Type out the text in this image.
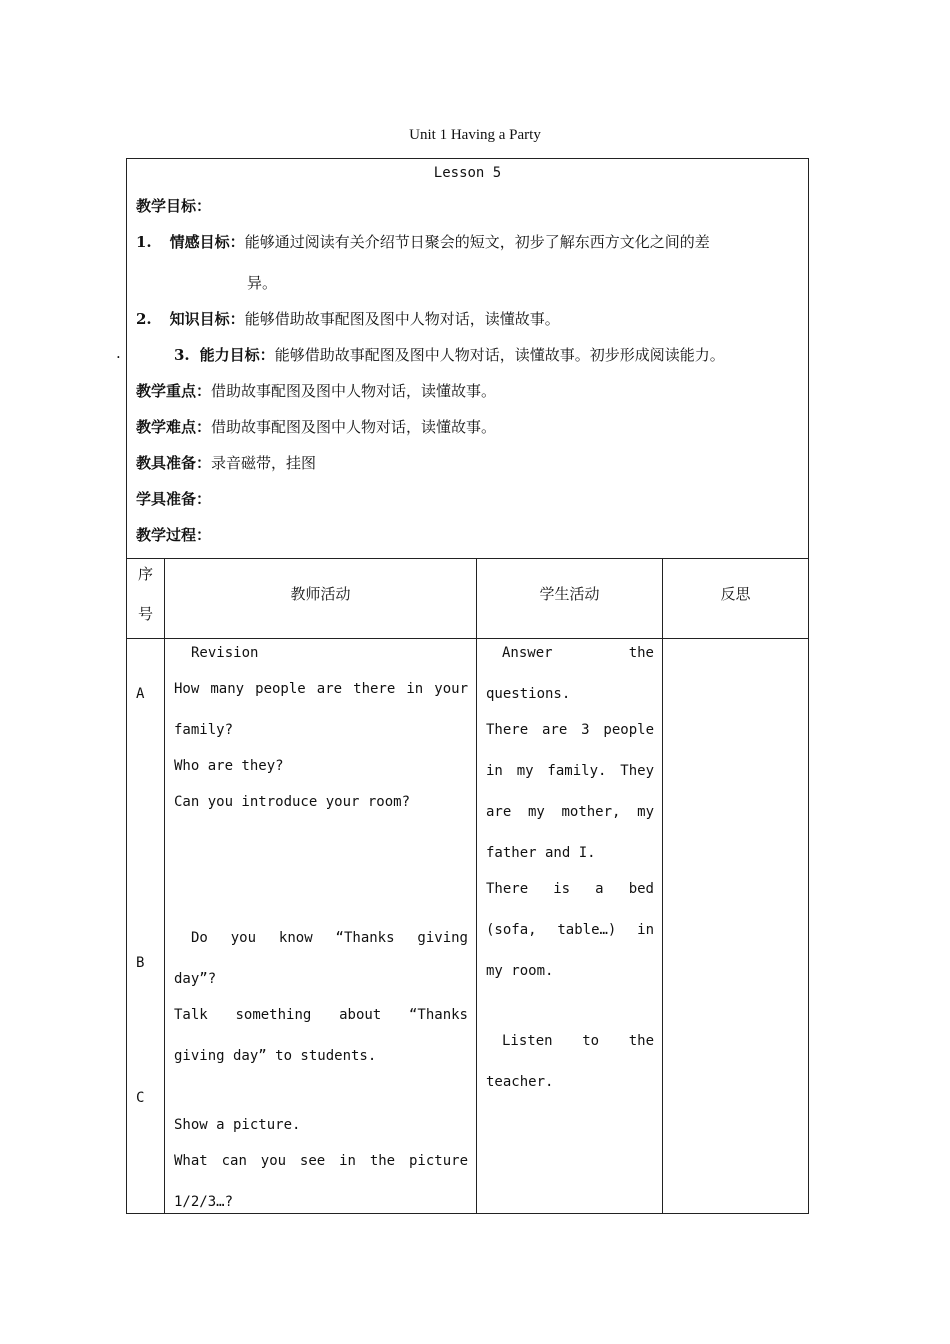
Unit 1 Having a Party
.
Lesson 5
教学目标：
1. 情感目标：能够通过阅读有关介绍节日聚会的短文，初步了解东西方文化之间的差
异。
2. 知识目标：能够借助故事配图及图中人物对话，读懂故事。
3. 能力目标：能够借助故事配图及图中人物对话，读懂故事。初步形成阅读能力。
教学重点：借助故事配图及图中人物对话，读懂故事。
教学难点：借助故事配图及图中人物对话，读懂故事。
教具准备：录音磁带，挂图
学具准备：
教学过程：
序
号
教师活动	学生活动	反思
A
B
C
Revision
How many people are there in your
family?
Who are they?
Can you introduce your room?
Do you know “Thanks giving
day”?
Talk something about “Thanks
giving day” to students.
Show a picture.
What can you see in the picture
1/2/3…?
Answer the
questions.
There are 3 people
in my family. They
are my mother, my
father and I.
There is a bed
(sofa, table…) in
my room.
Listen to the
teacher.
